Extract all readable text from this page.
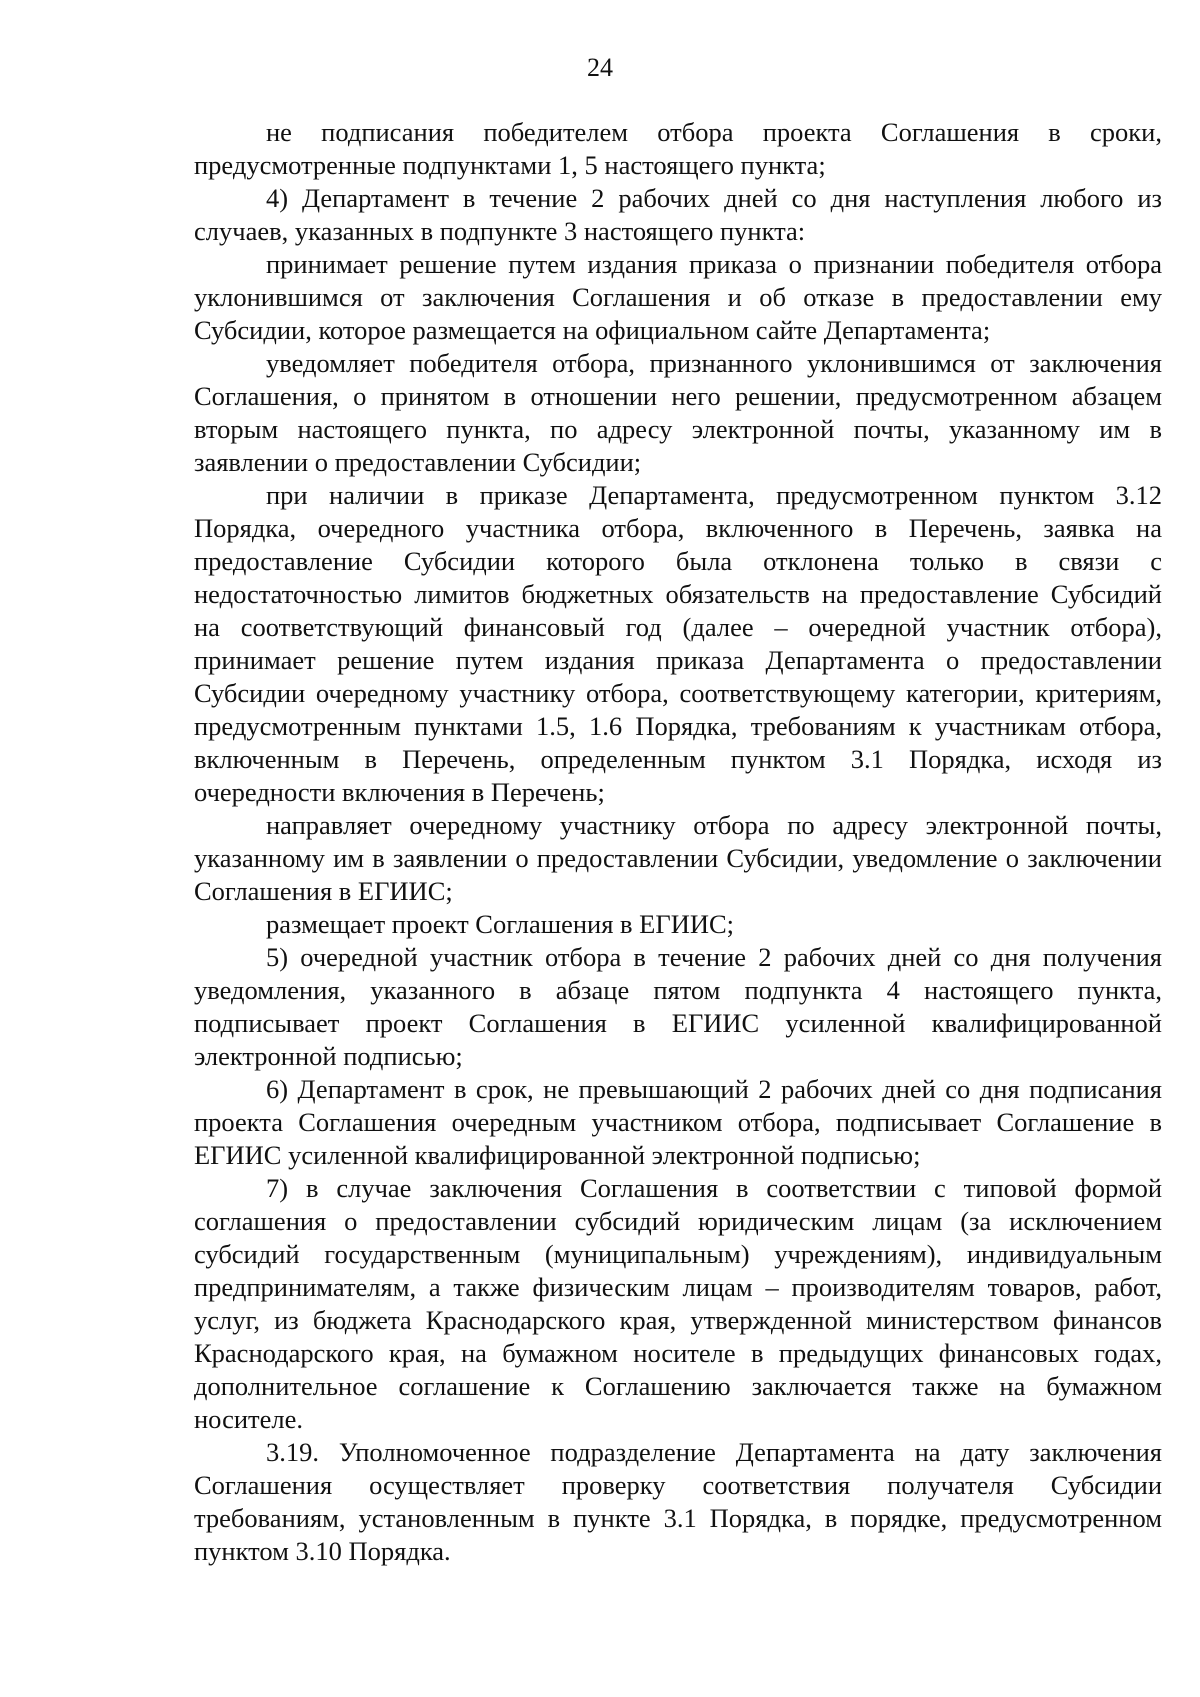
24

не подписания победителем отбора проекта Соглашения в сроки, предусмотренные подпунктами 1, 5 настоящего пункта;

4) Департамент в течение 2 рабочих дней со дня наступления любого из случаев, указанных в подпункте 3 настоящего пункта:

принимает решение путем издания приказа о признании победителя отбора уклонившимся от заключения Соглашения и об отказе в предоставлении ему Субсидии, которое размещается на официальном сайте Департамента;

уведомляет победителя отбора, признанного уклонившимся от заключения Соглашения, о принятом в отношении него решении, предусмотренном абзацем вторым настоящего пункта, по адресу электронной почты, указанному им в заявлении о предоставлении Субсидии;

при наличии в приказе Департамента, предусмотренном пунктом 3.12 Порядка, очередного участника отбора, включенного в Перечень, заявка на предоставление Субсидии которого была отклонена только в связи с недостаточностью лимитов бюджетных обязательств на предоставление Субсидий на соответствующий финансовый год (далее – очередной участник отбора), принимает решение путем издания приказа Департамента о предоставлении Субсидии очередному участнику отбора, соответствующему категории, критериям, предусмотренным пунктами 1.5, 1.6 Порядка, требованиям к участникам отбора, включенным в Перечень, определенным пунктом 3.1 Порядка, исходя из очередности включения в Перечень;

направляет очередному участнику отбора по адресу электронной почты, указанному им в заявлении о предоставлении Субсидии, уведомление о заключении Соглашения в ЕГИИС;

размещает проект Соглашения в ЕГИИС;

5) очередной участник отбора в течение 2 рабочих дней со дня получения уведомления, указанного в абзаце пятом подпункта 4 настоящего пункта, подписывает проект Соглашения в ЕГИИС усиленной квалифицированной электронной подписью;

6) Департамент в срок, не превышающий 2 рабочих дней со дня подписания проекта Соглашения очередным участником отбора, подписывает Соглашение в ЕГИИС усиленной квалифицированной электронной подписью;

7) в случае заключения Соглашения в соответствии с типовой формой соглашения о предоставлении субсидий юридическим лицам (за исключением субсидий государственным (муниципальным) учреждениям), индивидуальным предпринимателям, а также физическим лицам – производителям товаров, работ, услуг, из бюджета Краснодарского края, утвержденной министерством финансов Краснодарского края, на бумажном носителе в предыдущих финансовых годах, дополнительное соглашение к Соглашению заключается также на бумажном носителе.

3.19. Уполномоченное подразделение Департамента на дату заключения Соглашения осуществляет проверку соответствия получателя Субсидии требованиям, установленным в пункте 3.1 Порядка, в порядке, предусмотренном пунктом 3.10 Порядка.
